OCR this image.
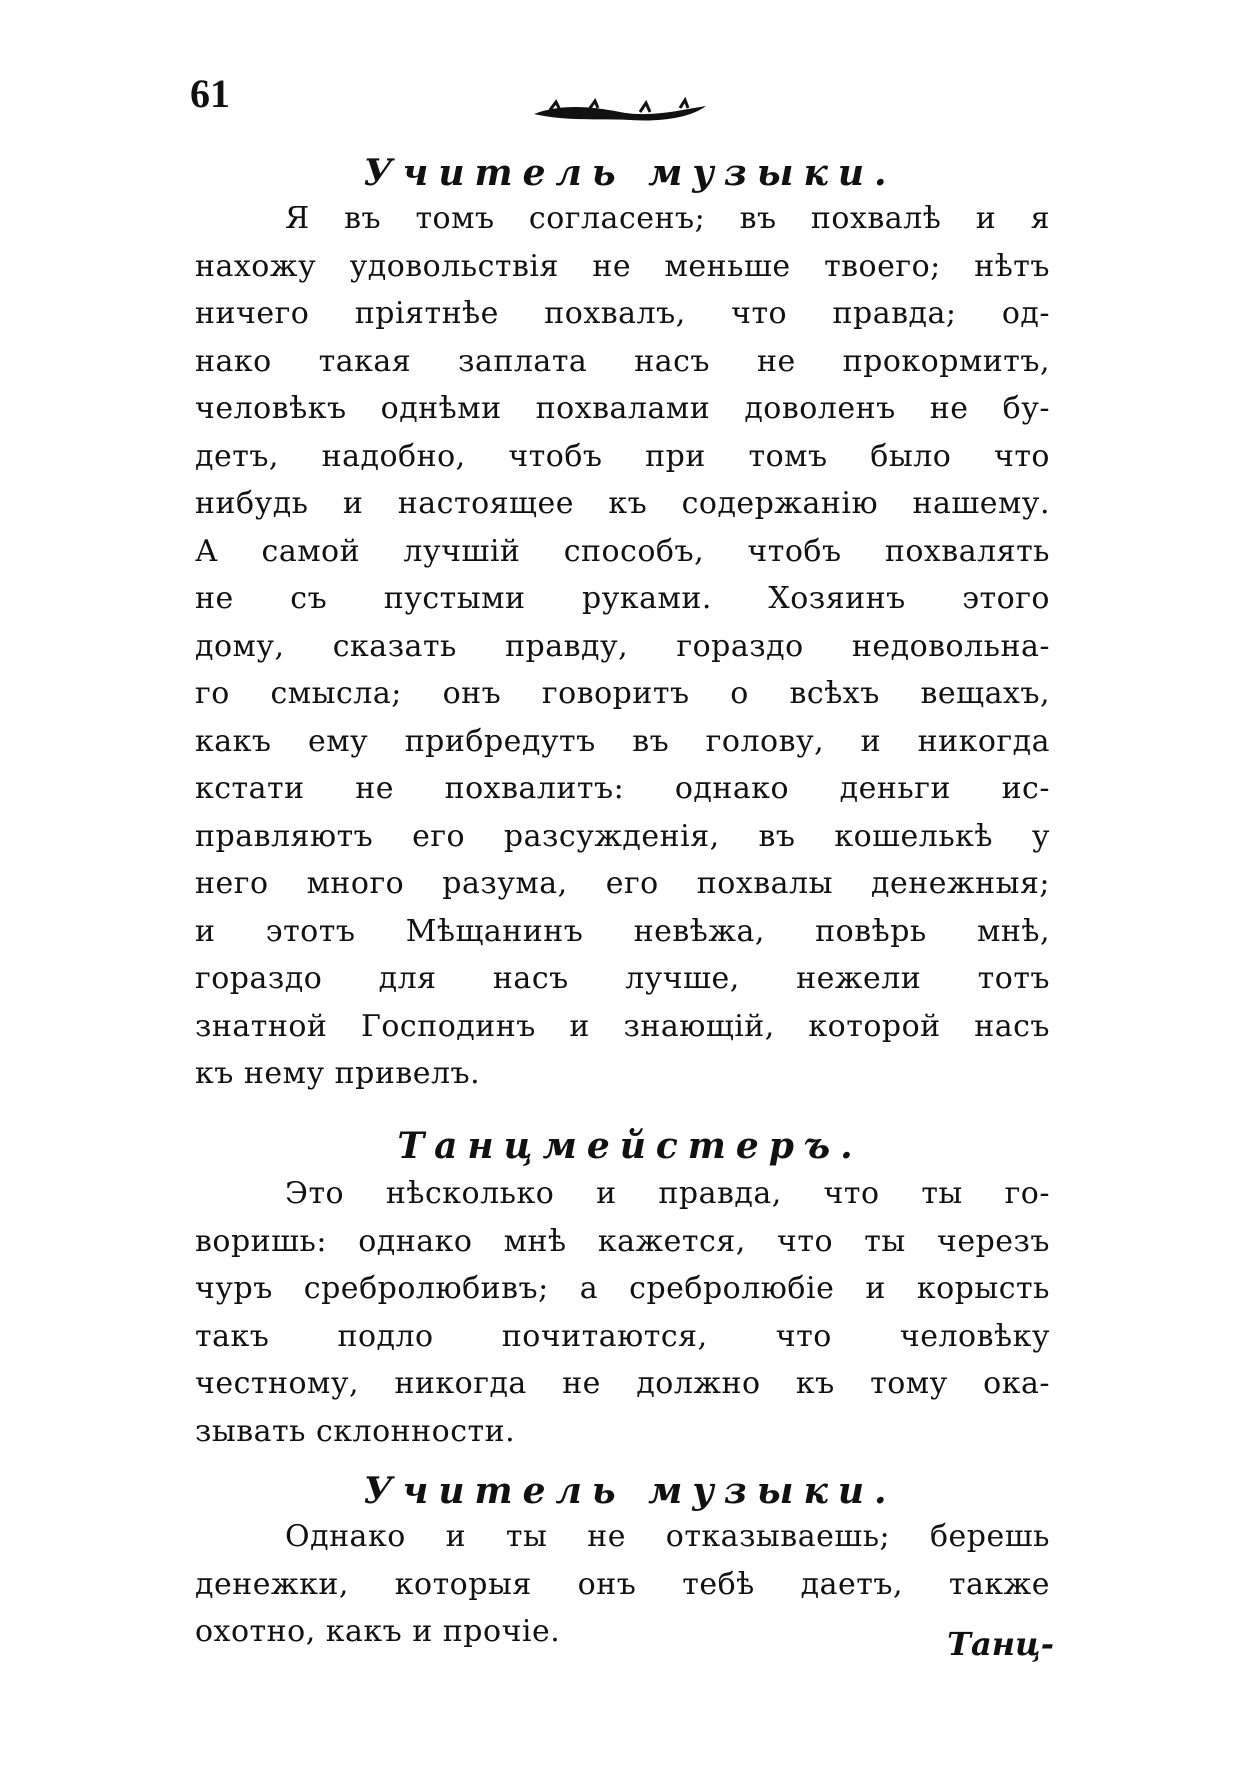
61
Учитель музыки.
Я въ томъ согласенъ; въ похвалѣ и я
нахожу удовольствія не меньше твоего; нѣтъ
ничего пріятнѣе похвалъ, что правда; од-
нако такая заплата насъ не прокормитъ,
человѣкъ однѣми похвалами доволенъ не бу-
детъ, надобно, чтобъ при томъ было что
нибудь и настоящее къ содержанію нашему.
А самой лучшій способъ, чтобъ похвалять
не съ пустыми руками. Хозяинъ этого
дому, сказать правду, гораздо недовольна-
го смысла; онъ говоритъ о всѣхъ вещахъ,
какъ ему прибредутъ въ голову, и никогда
кстати не похвалитъ: однако деньги ис-
правляютъ его разсужденія, въ кошелькѣ у
него много разума, его похвалы денежныя;
и этотъ Мѣщанинъ невѣжа, повѣрь мнѣ,
гораздо для насъ лучше, нежели тотъ
знатной Господинъ и знающій, которой насъ
къ нему привелъ.
Танцмейстеръ.
Это нѣсколько и правда, что ты го-
воришь: однако мнѣ кажется, что ты черезъ
чуръ сребролюбивъ; а сребролюбіе и корысть
такъ подло почитаются, что человѣку
честному, никогда не должно къ тому ока-
зывать склонности.
Учитель музыки.
Однако и ты не отказываешь; берешь
денежки, которыя онъ тебѣ даетъ, также
охотно, какъ и прочіе.	Танц-
